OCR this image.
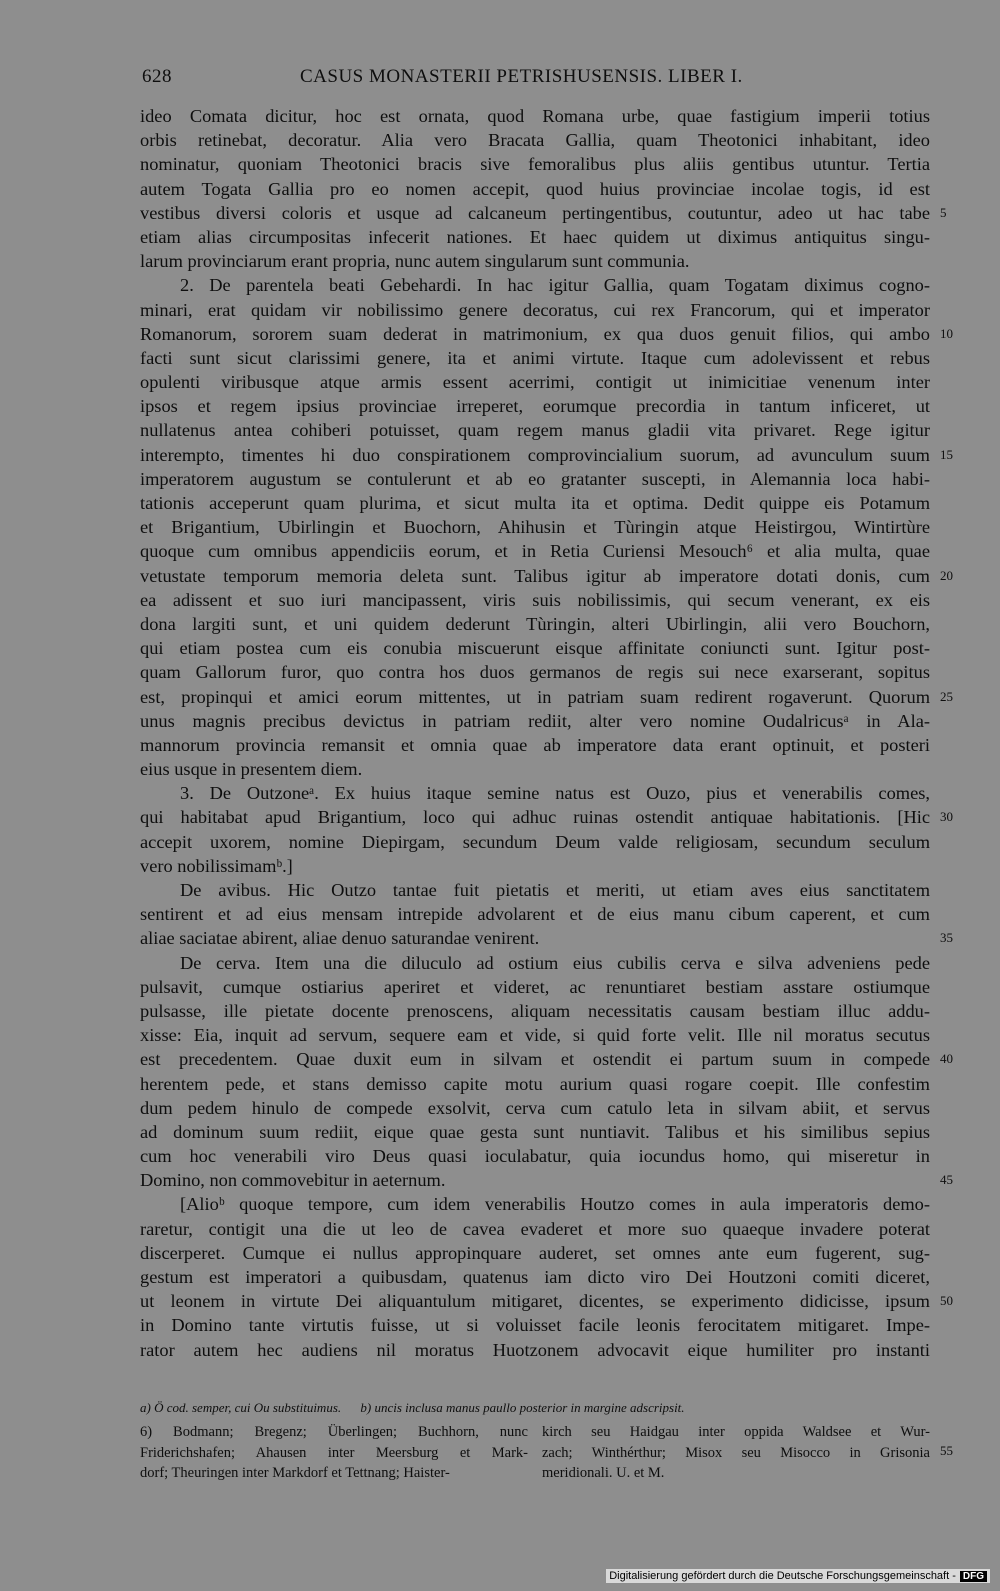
628	CASUS MONASTERII PETRISHUSENSIS. LIBER I.
ideo Comata dicitur, hoc est ornata, quod Romana urbe, quae fastigium imperii totius
orbis retinebat, decoratur. Alia vero Bracata Gallia, quam Theotonici inhabitant, ideo
nominatur, quoniam Theotonici bracis sive femoralibus plus aliis gentibus utuntur. Tertia
autem Togata Gallia pro eo nomen accepit, quod huius provinciae incolae togis, id est
vestibus diversi coloris et usque ad calcaneum pertingentibus, coutuntur, adeo ut hac tabe 5
etiam alias circumpositas infecerit nationes. Et haec quidem ut diximus antiquitus singu-
larum provinciarum erant propria, nunc autem singularum sunt communia.
2. De parentela beati Gebehardi. In hac igitur Gallia, quam Togatam diximus cogno-
minari, erat quidam vir nobilissimo genere decoratus, cui rex Francorum, qui et imperator
Romanorum, sororem suam dederat in matrimonium, ex qua duos genuit filios, qui ambo 10
facti sunt sicut clarissimi genere, ita et animi virtute. Itaque cum adolevissent et rebus
opulenti viribusque atque armis essent acerrimi, contigit ut inimicitiae venenum inter
ipsos et regem ipsius provinciae irreperet, eorumque precordia in tantum inficeret, ut
nullatenus antea cohiberi potuisset, quam regem manus gladii vita privaret. Rege igitur
interempto, timentes hi duo conspirationem comprovincialium suorum, ad avunculum suum 15
imperatorem augustum se contulerunt et ab eo gratanter suscepti, in Alemannia loca habi-
tationis acceperunt quam plurima, et sicut multa ita et optima. Dedit quippe eis Potamum
et Brigantium, Ubirlingin et Buochorn, Ahihusin et Tùringin atque Heistirgou, Wintirtùre
quoque cum omnibus appendiciis eorum, et in Retia Curiensi Mesouch⁶ et alia multa, quae
vetustate temporum memoria deleta sunt. Talibus igitur ab imperatore dotati donis, cum 20
ea adissent et suo iuri mancipassent, viris suis nobilissimis, qui secum venerant, ex eis
dona largiti sunt, et uni quidem dederunt Tùringin, alteri Ubirlingin, alii vero Bouchorn,
qui etiam postea cum eis conubia miscuerunt eisque affinitate coniuncti sunt. Igitur post-
quam Gallorum furor, quo contra hos duos germanos de regis sui nece exarserant, sopitus
est, propinqui et amici eorum mittentes, ut in patriam suam redirent rogaverunt. Quorum 25
unus magnis precibus devictus in patriam rediit, alter vero nomine Oudalricusᵃ in Ala-
mannorum provincia remansit et omnia quae ab imperatore data erant optinuit, et posteri
eius usque in presentem diem.
3. De Outzoneᵃ. Ex huius itaque semine natus est Ouzo, pius et venerabilis comes,
qui habitabat apud Brigantium, loco qui adhuc ruinas ostendit antiquae habitationis. [Hic 30
accepit uxorem, nomine Diepirgam, secundum Deum valde religiosam, secundum seculum
vero nobilissimamᵇ.]
De avibus. Hic Outzo tantae fuit pietatis et meriti, ut etiam aves eius sanctitatem
sentirent et ad eius mensam intrepide advolarent et de eius manu cibum caperent, et cum
aliae saciatae abirent, aliae denuo saturandae venirent.	35
De cerva. Item una die diluculo ad ostium eius cubilis cerva e silva adveniens pede
pulsavit, cumque ostiarius aperiret et videret, ac renuntiaret bestiam asstare ostiumque
pulsasse, ille pietate docente prenoscens, aliquam necessitatis causam bestiam illuc addu-
xisse: Eia, inquit ad servum, sequere eam et vide, si quid forte velit. Ille nil moratus secutus
est precedentem. Quae duxit eum in silvam et ostendit ei partum suum in compede 40
herentem pede, et stans demisso capite motu aurium quasi rogare coepit. Ille confestim
dum pedem hinulo de compede exsolvit, cerva cum catulo leta in silvam abiit, et servus
ad dominum suum rediit, eique quae gesta sunt nuntiavit. Talibus et his similibus sepius
cum hoc venerabili viro Deus quasi ioculabatur, quia iocundus homo, qui miseretur in
Domino, non commovebitur in aeternum.	45
[Alioᵇ quoque tempore, cum idem venerabilis Houtzo comes in aula imperatoris demo-
raretur, contigit una die ut leo de cavea evaderet et more suo quaeque invadere poterat
discerperet. Cumque ei nullus appropinquare auderet, set omnes ante eum fugerent, sug-
gestum est imperatori a quibusdam, quatenus iam dicto viro Dei Houtzoni comiti diceret,
ut leonem in virtute Dei aliquantulum mitigaret, dicentes, se experimento didicisse, ipsum 50
in Domino tante virtutis fuisse, ut si voluisset facile leonis ferocitatem mitigaret. Impe-
rator autem hec audiens nil moratus Huotzonem advocavit eique humiliter pro instanti
a) Ö cod. semper, cui Ou substituimus. b) uncis inclusa manus paullo posterior in margine adscripsit.
6) Bodmann; Bregenz; Überlingen; Buchhorn, nunc
Friderichshafen; Ahausen inter Meersburg et Mark-
dorf; Theuringen inter Markdorf et Tettnang; Haister-
kirch seu Haidgau inter oppida Waldsee et Wur-
zach; Winthérthur; Misox seu Misocco in Grisonia
meridionali. U. et M.
55
Digitalisierung gefördert durch die Deutsche Forschungsgemeinschaft - DFG
